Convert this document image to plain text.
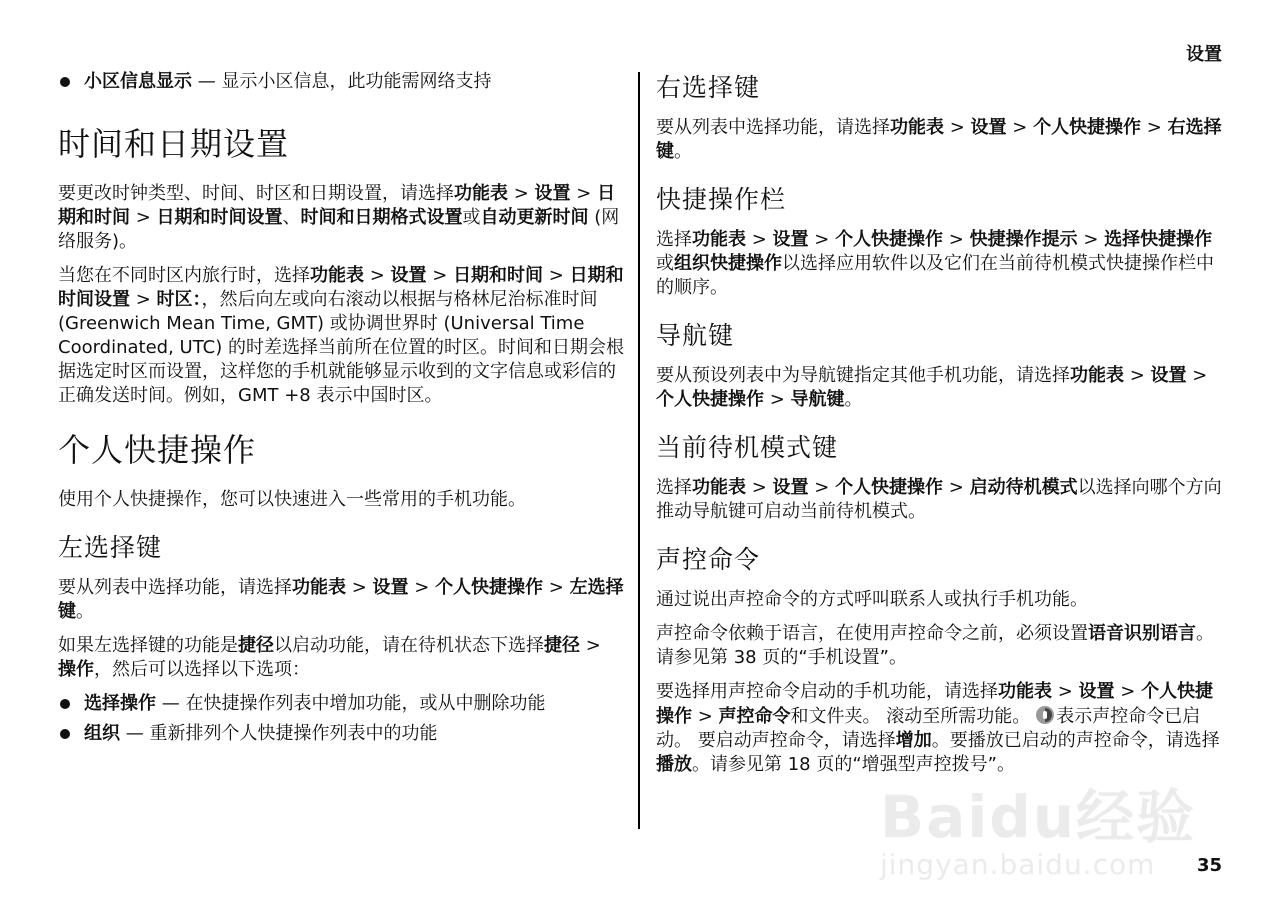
设置
小区信息显示 — 显示小区信息，此功能需网络支持
时间和日期设置

要更改时钟类型、时间、时区和日期设置，请选择功能表 > 设置 > 日期和时间 > 日期和时间设置、时间和日期格式设置或自动更新时间 (网络服务)。

当您在不同时区内旅行时，选择功能表 > 设置 > 日期和时间 > 日期和时间设置 > 时区：，然后向左或向右滚动以根据与格林尼治标准时间 (Greenwich Mean Time, GMT) 或协调世界时 (Universal Time Coordinated, UTC) 的时差选择当前所在位置的时区。时间和日期会根据选定时区而设置，这样您的手机就能够显示收到的文字信息或彩信的正确发送时间。例如，GMT +8 表示中国时区。

个人快捷操作

使用个人快捷操作，您可以快速进入一些常用的手机功能。

左选择键

要从列表中选择功能，请选择功能表 > 设置 > 个人快捷操作 > 左选择键。

如果左选择键的功能是捷径以启动功能，请在待机状态下选择捷径 > 操作，然后可以选择以下选项：

选择操作 — 在快捷操作列表中增加功能，或从中删除功能
组织 — 重新排列个人快捷操作列表中的功能
右选择键

要从列表中选择功能，请选择功能表 > 设置 > 个人快捷操作 > 右选择键。

快捷操作栏

选择功能表 > 设置 > 个人快捷操作 > 快捷操作提示 > 选择快捷操作或组织快捷操作以选择应用软件以及它们在当前待机模式快捷操作栏中的顺序。

导航键

要从预设列表中为导航键指定其他手机功能，请选择功能表 > 设置 > 个人快捷操作 > 导航键。

当前待机模式键

选择功能表 > 设置 > 个人快捷操作 > 启动待机模式以选择向哪个方向推动导航键可启动当前待机模式。

声控命令

通过说出声控命令的方式呼叫联系人或执行手机功能。

声控命令依赖于语言，在使用声控命令之前，必须设置语音识别语言。 请参见第 38 页的“手机设置”。

要选择用声控命令启动的手机功能，请选择功能表 > 设置 > 个人快捷操作 > 声控命令和文件夹。 滚动至所需功能。 表示声控命令已启动。 要启动声控命令，请选择增加。要播放已启动的声控命令，请选择播放。请参见第 18 页的“增强型声控拨号”。

Baidu经验
jingyan.baidu.com	35
